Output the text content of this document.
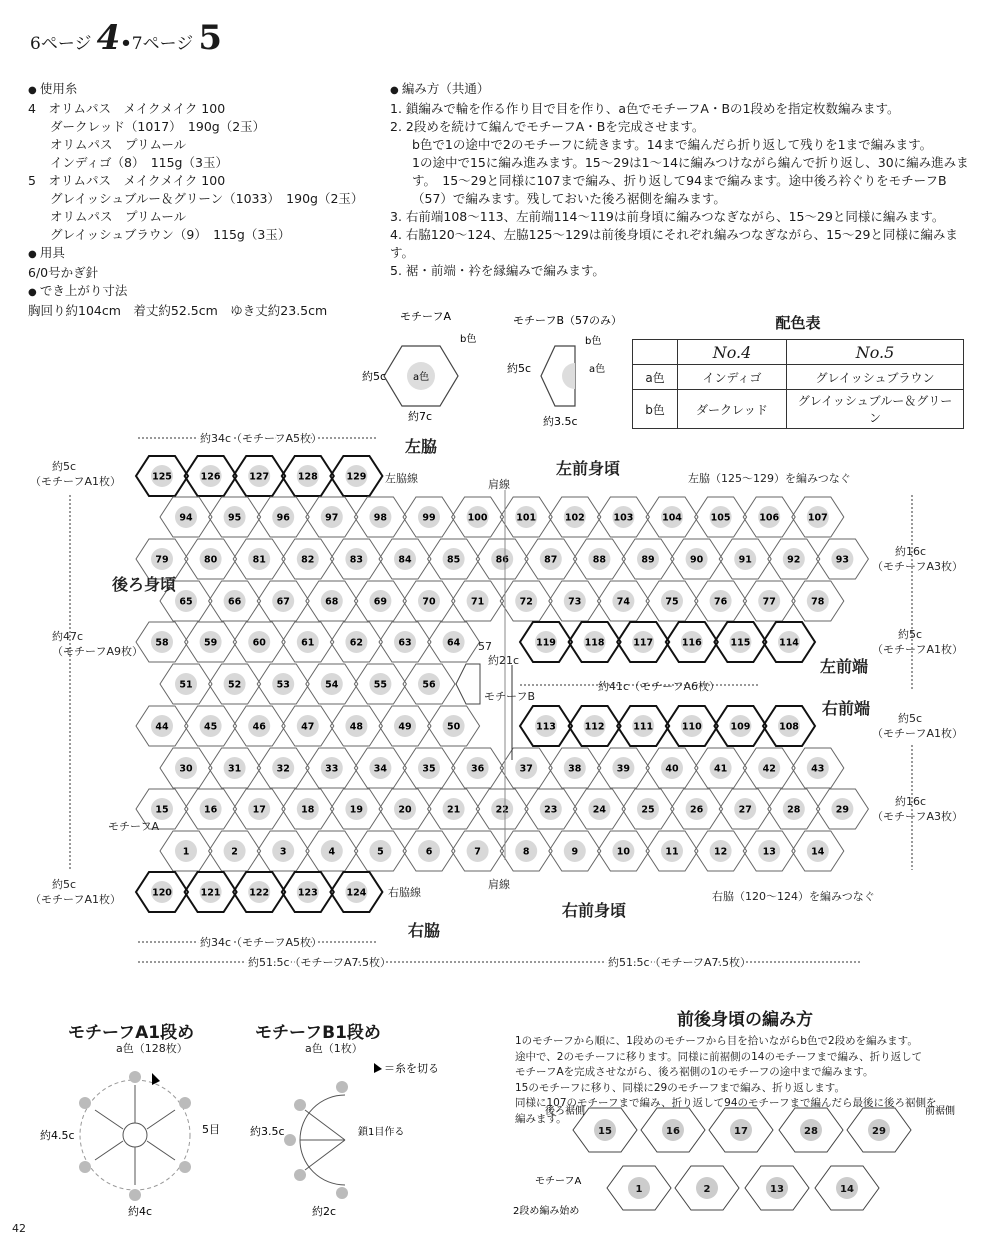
6ページ 4•7ページ 5
● 使用糸
4　オリムパス　メイクメイク 100
ダークレッド（1017）　190g（2玉）
オリムパス　プリムール
インディゴ（8）　115g（3玉）
5　オリムパス　メイクメイク 100
グレイッシュブルー＆グリーン（1033）　190g（2玉）
オリムパス　プリムール
グレイッシュブラウン（9）　115g（3玉）
● 用具
6/0号かぎ針
● でき上がり寸法
胸回り約104cm　着丈約52.5cm　ゆき丈約23.5cm
● 編み方（共通）
1. 鎖編みで輪を作る作り目で目を作り、a色でモチーフA・Bの1段めを指定枚数編みます。
2. 2段めを続けて編んでモチーフA・Bを完成させます。
b色で1の途中で2のモチーフに続きます。14まで編んだら折り返して残りを1まで編みます。
1の途中で15に編み進みます。15〜29は1〜14に編みつけながら編んで折り返し、30に編み進みます。　15〜29と同様に107まで編み、折り返して94まで編みます。途中後ろ衿ぐりをモチーフB（57）で編みます。残しておいた後ろ裾側を編みます。
3. 右前端108〜113、左前端114〜119は前身頃に編みつなぎながら、15〜29と同様に編みます。
4. 右脇120〜124、左脇125〜129は前後身頃にそれぞれ編みつなぎながら、15〜29と同様に編みます。
5. 裾・前端・衿を縁編みで編みます。
モチーフA
a色
b色
約5c
約7c
モチーフB（57のみ）
b色
a色
約5c
約3.5c
配色表
	No.4	No.5
a色	インディゴ	グレイッシュブラウン
b色	ダークレッド	グレイッシュブルー＆グリーン
125	126	127	128	129
94	95	96	97	98	99	100	101	102	103	104	105	106	107
79	80	81	82	83	84	85	86	87	88	89	90	91	92	93
65	66	67	68	69	70	71	72	73	74	75	76	77	78
58	59	60	61	62	63	64	119	118	117	116	115	114
51	52	53	54	55	56
44	45	46	47	48	49	50	113	112	111	110	109	108
30	31	32	33	34	35	36	37	38	39	40	41	42	43
15	16	17	18	19	20	21	22	23	24	25	26	27	28	29
1	2	3	4	5	6	7	8	9	10	11	12	13	14
120	121	122	123	124
約34c（モチーフA5枚）	左脇
左脇線	肩線
左前身頃
左脇（125〜129）を編みつなぐ
約5c
（モチーフA1枚）
後ろ身頃
約47c
（モチーフA9枚）
約16c
（モチーフA3枚）
約5c
（モチーフA1枚）
57
約21c
モチーフB
約41c（モチーフA6枚）
左前端
右前端
約5c
（モチーフA1枚）
約16c
（モチーフA3枚）
モチーフA
約5c
（モチーフA1枚）
右脇線
肩線
右脇（120〜124）を編みつなぐ
右前身頃
右脇
約34c（モチーフA5枚）
約51.5c（モチーフA7.5枚）	約51.5c（モチーフA7.5枚）
モチーフA1段め
a色（128枚）
約4.5c
約4c
5目
モチーフB1段め
a色（1枚）
＝糸を切る
約3.5c
約2c
鎖1目作る
前後身頃の編み方
1のモチーフから順に、1段めのモチーフから目を拾いながらb色で2段めを編みます。
途中で、2のモチーフに移ります。同様に前裾側の14のモチーフまで編み、折り返して
モチーフAを完成させながら、後ろ裾側の1のモチーフの途中まで編みます。
15のモチーフに移り、同様に29のモチーフまで編み、折り返します。
同様に107のモチーフまで編み、折り返して94のモチーフまで編んだら最後に後ろ裾側を
編みます。
15	16	17	28	29
1	2	13	14
後ろ裾側	前裾側
モチーフA
2段め編み始め
42
